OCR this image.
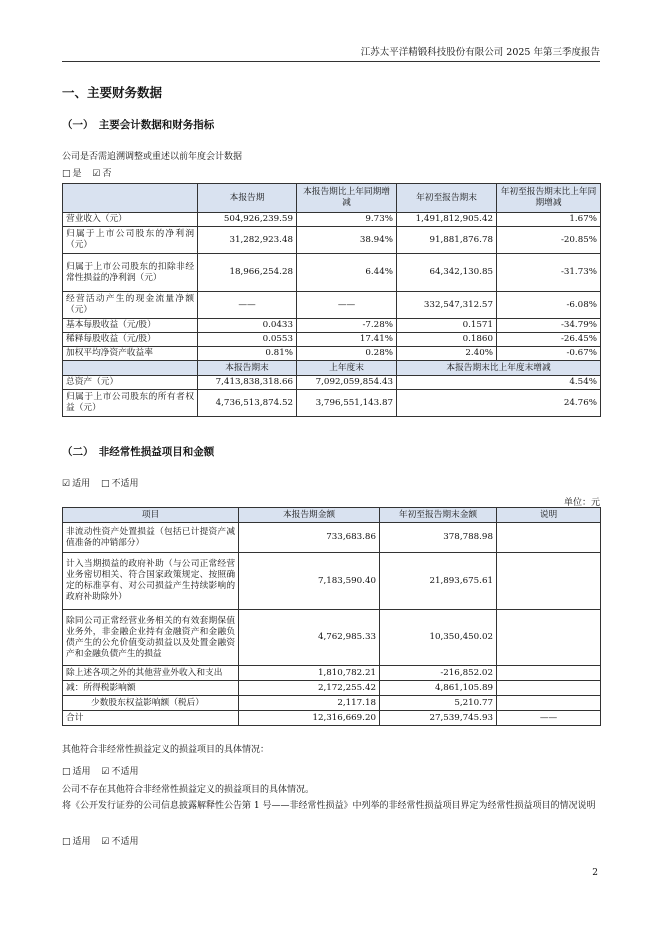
江苏太平洋精锻科技股份有限公司 2025 年第三季度报告
一、主要财务数据
（一）　主要会计数据和财务指标
公司是否需追溯调整或重述以前年度会计数据
□ 是 ☑ 否
	本报告期	本报告期比上年同期增减	年初至报告期末	年初至报告期末比上年同期增减
营业收入（元）	504,926,239.59	9.73%	1,491,812,905.42	1.67%
归属于上市公司股东的净利润（元）	31,282,923.48	38.94%	91,881,876.78	-20.85%
归属于上市公司股东的扣除非经常性损益的净利润（元）	18,966,254.28	6.44%	64,342,130.85	-31.73%
经营活动产生的现金流量净额（元）	——	——	332,547,312.57	-6.08%
基本每股收益（元/股）	0.0433	-7.28%	0.1571	-34.79%
稀释每股收益（元/股）	0.0553	17.41%	0.1860	-26.45%
加权平均净资产收益率	0.81%	0.28%	2.40%	-0.67%
	本报告期末	上年度末	本报告期末比上年度末增减	
总资产（元）	7,413,838,318.66	7,092,059,854.43	4.54%	
归属于上市公司股东的所有者权益（元）	4,736,513,874.52	3,796,551,143.87	24.76%	
（二）　非经常性损益项目和金额
☑ 适用 □ 不适用
单位：元
项目	本报告期金额	年初至报告期末金额	说明
非流动性资产处置损益（包括已计提资产减值准备的冲销部分）	733,683.86	378,788.98	
计入当期损益的政府补助（与公司正常经营业务密切相关、符合国家政策规定、按照确定的标准享有、对公司损益产生持续影响的政府补助除外）	7,183,590.40	21,893,675.61	
除同公司正常经营业务相关的有效套期保值业务外，非金融企业持有金融资产和金融负债产生的公允价值变动损益以及处置金融资产和金融负债产生的损益	4,762,985.33	10,350,450.02	
除上述各项之外的其他营业外收入和支出	1,810,782.21	-216,852.02	
减：所得税影响额	2,172,255.42	4,861,105.89	
少数股东权益影响额（税后）	2,117.18	5,210.77	
合计	12,316,669.20	27,539,745.93	——
其他符合非经常性损益定义的损益项目的具体情况：
□ 适用 ☑ 不适用
公司不存在其他符合非经常性损益定义的损益项目的具体情况。
将《公开发行证券的公司信息披露解释性公告第 1 号——非经常性损益》中列举的非经常性损益项目界定为经常性损益项目的情况说明
□ 适用 ☑ 不适用
2
